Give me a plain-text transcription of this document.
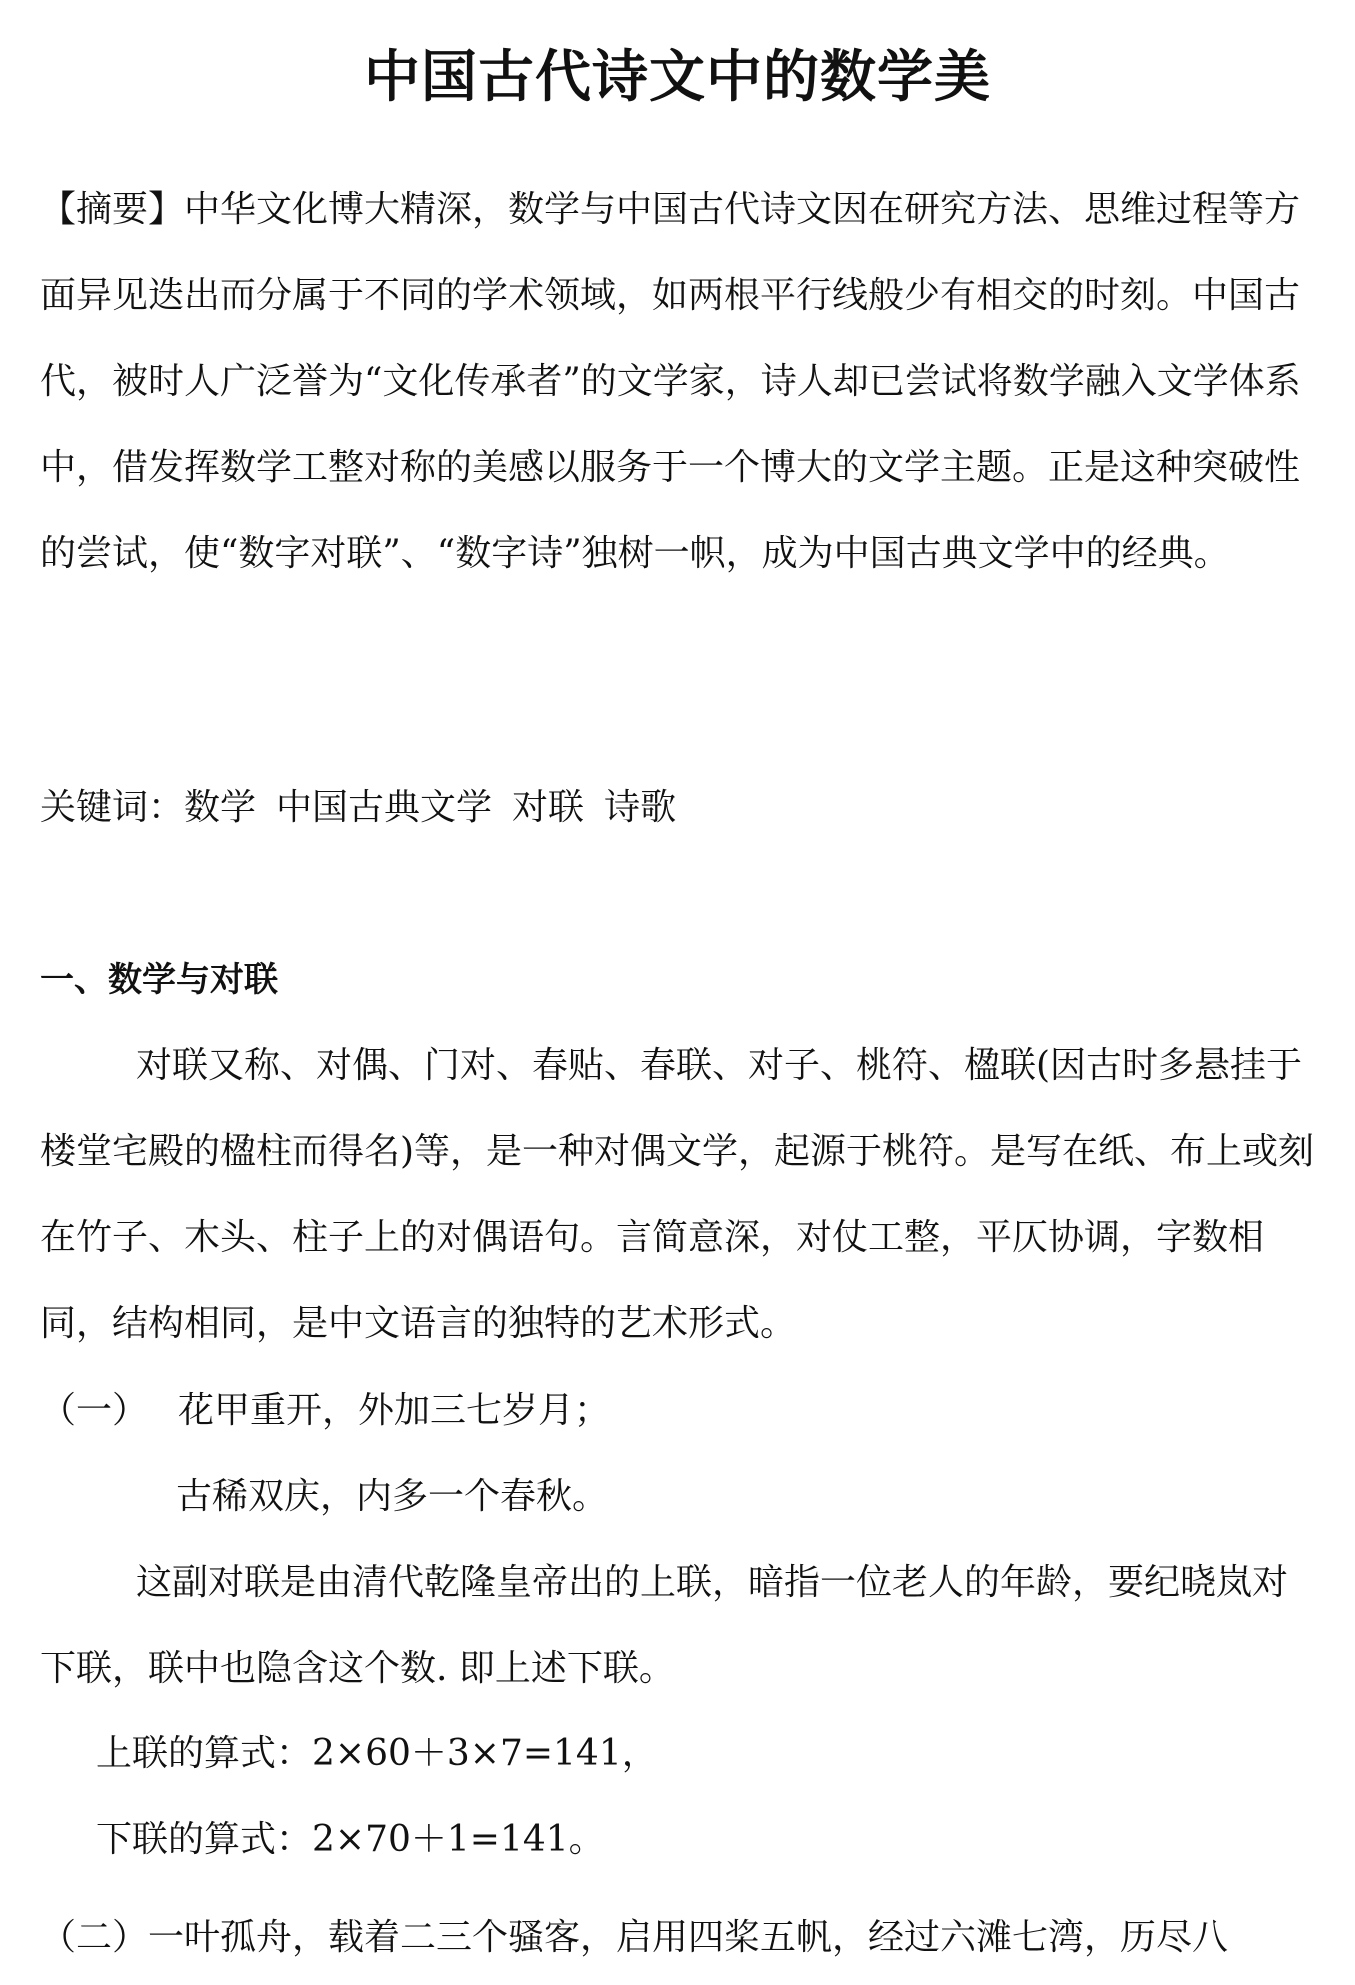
中国古代诗文中的数学美

【摘要】中华文化博大精深，数学与中国古代诗文因在研究方法、思维过程等方面异见迭出而分属于不同的学术领域，如两根平行线般少有相交的时刻。中国古代，被时人广泛誉为“文化传承者”的文学家，诗人却已尝试将数学融入文学体系中，借发挥数学工整对称的美感以服务于一个博大的文学主题。正是这种突破性的尝试，使“数字对联”、“数字诗”独树一帜，成为中国古典文学中的经典。

关键词：数学 中国古典文学 对联 诗歌

一、数学与对联

对联又称、对偶、门对、春贴、春联、对子、桃符、楹联(因古时多悬挂于楼堂宅殿的楹柱而得名)等，是一种对偶文学，起源于桃符。是写在纸、布上或刻在竹子、木头、柱子上的对偶语句。言简意深，对仗工整，平仄协调，字数相同，结构相同，是中文语言的独特的艺术形式。

（一） 花甲重开，外加三七岁月；

古稀双庆，内多一个春秋。

这副对联是由清代乾隆皇帝出的上联，暗指一位老人的年龄，要纪晓岚对下联，联中也隐含这个数. 即上述下联。

上联的算式：2×60＋3×7=141，

下联的算式：2×70＋1=141。

（二）一叶孤舟，载着二三个骚客，启用四桨五帆，经过六滩七湾，历尽八
